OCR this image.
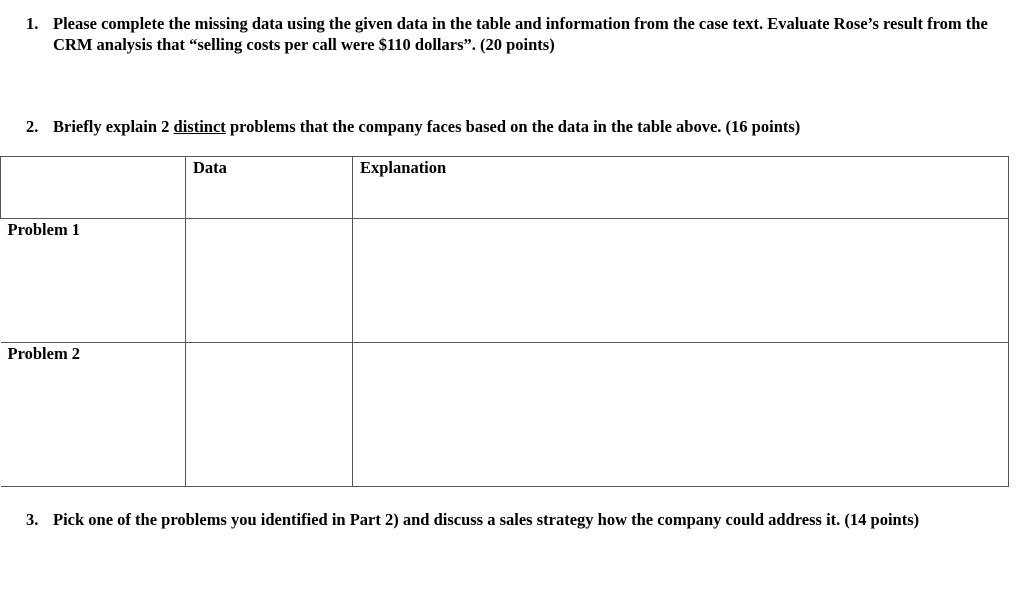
1. Please complete the missing data using the given data in the table and information from the case text. Evaluate Rose’s result from the CRM analysis that “selling costs per call were $110 dollars”. (20 points)
2. Briefly explain 2 distinct problems that the company faces based on the data in the table above. (16 points)
	Data	Explanation
Problem 1		
Problem 2		
3. Pick one of the problems you identified in Part 2) and discuss a sales strategy how the company could address it. (14 points)
